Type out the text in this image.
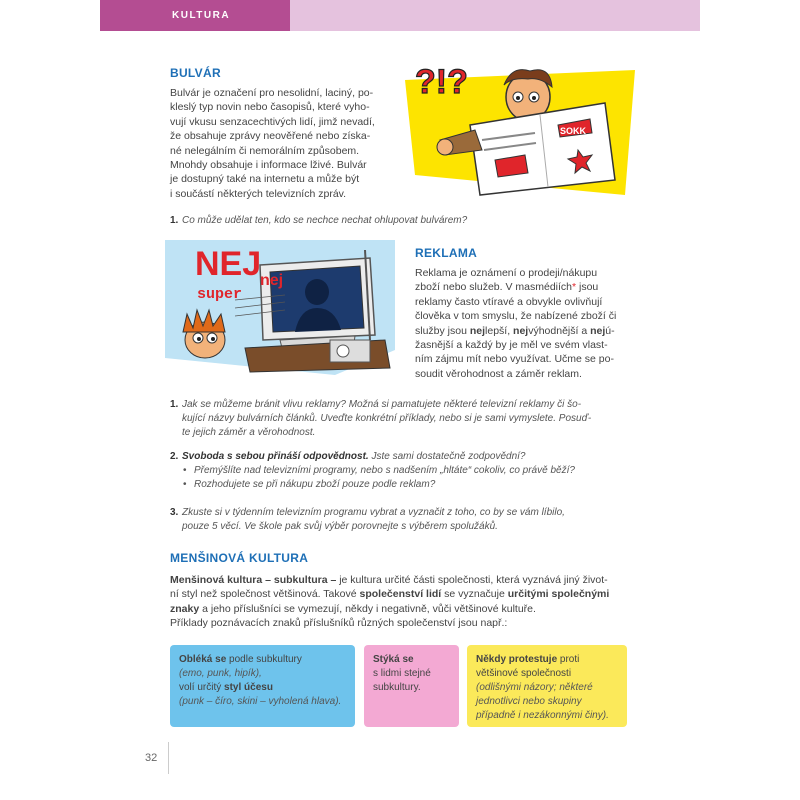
KULTURA
BULVÁR
Bulvár je označení pro nesolidní, laciný, po-
kleslý typ novin nebo časopisů, které vyho-
vují vkusu senzacechtivých lidí, jimž nevadí,
že obsahuje zprávy neověřené nebo získa-
né nelegálním či nemorálním způsobem.
Mnohdy obsahuje i informace lživé. Bulvár
je dostupný také na internetu a může být
i součástí některých televizních zpráv.
?!?
SOKK
1. Co může udělat ten, kdo se nechce nechat ohlupovat bulvárem?
NEJ
nej
super
REKLAMA
Reklama je oznámení o prodeji/nákupu
zboží nebo služeb. V masmédiích* jsou
reklamy často vtíravé a obvykle ovlivňují
člověka v tom smyslu, že nabízené zboží či
služby jsou nejlepší, nejvýhodnější a nejú-
žasnější a každý by je měl ve svém vlast-
ním zájmu mít nebo využívat. Učme se po-
soudit věrohodnost a záměr reklam.
1. Jak se můžeme bránit vlivu reklamy? Možná si pamatujete některé televizní reklamy či šo-
kující názvy bulvárních článků. Uveďte konkrétní příklady, nebo si je sami vymyslete. Posuď-
te jejich záměr a věrohodnost.
2. Svoboda s sebou přináší odpovědnost. Jste sami dostatečně zodpovědní?
• Přemýšlíte nad televizními programy, nebo s nadšením „hltáte“ cokoliv, co právě běží?
• Rozhodujete se při nákupu zboží pouze podle reklam?
3. Zkuste si v týdenním televizním programu vybrat a vyznačit z toho, co by se vám líbilo,
pouze 5 věcí. Ve škole pak svůj výběr porovnejte s výběrem spolužáků.
MENŠINOVÁ KULTURA
Menšinová kultura – subkultura – je kultura určité části společnosti, která vyznává jiný život-
ní styl než společnost většinová. Takové společenství lidí se vyznačuje určitými společnými
znaky a jeho příslušníci se vymezují, někdy i negativně, vůči většinové kultuře.
Příklady poznávacích znaků příslušníků různých společenství jsou např.:
Obléká se podle subkultury
(emo, punk, hipík),
volí určitý styl účesu
(punk – číro, skini – vyholená hlava).
Stýká se
s lidmi stejné
subkultury.
Někdy protestuje proti
většinové společnosti
(odlišnými názory; některé
jednotlivci nebo skupiny
případně i nezákonnými činy).
32
